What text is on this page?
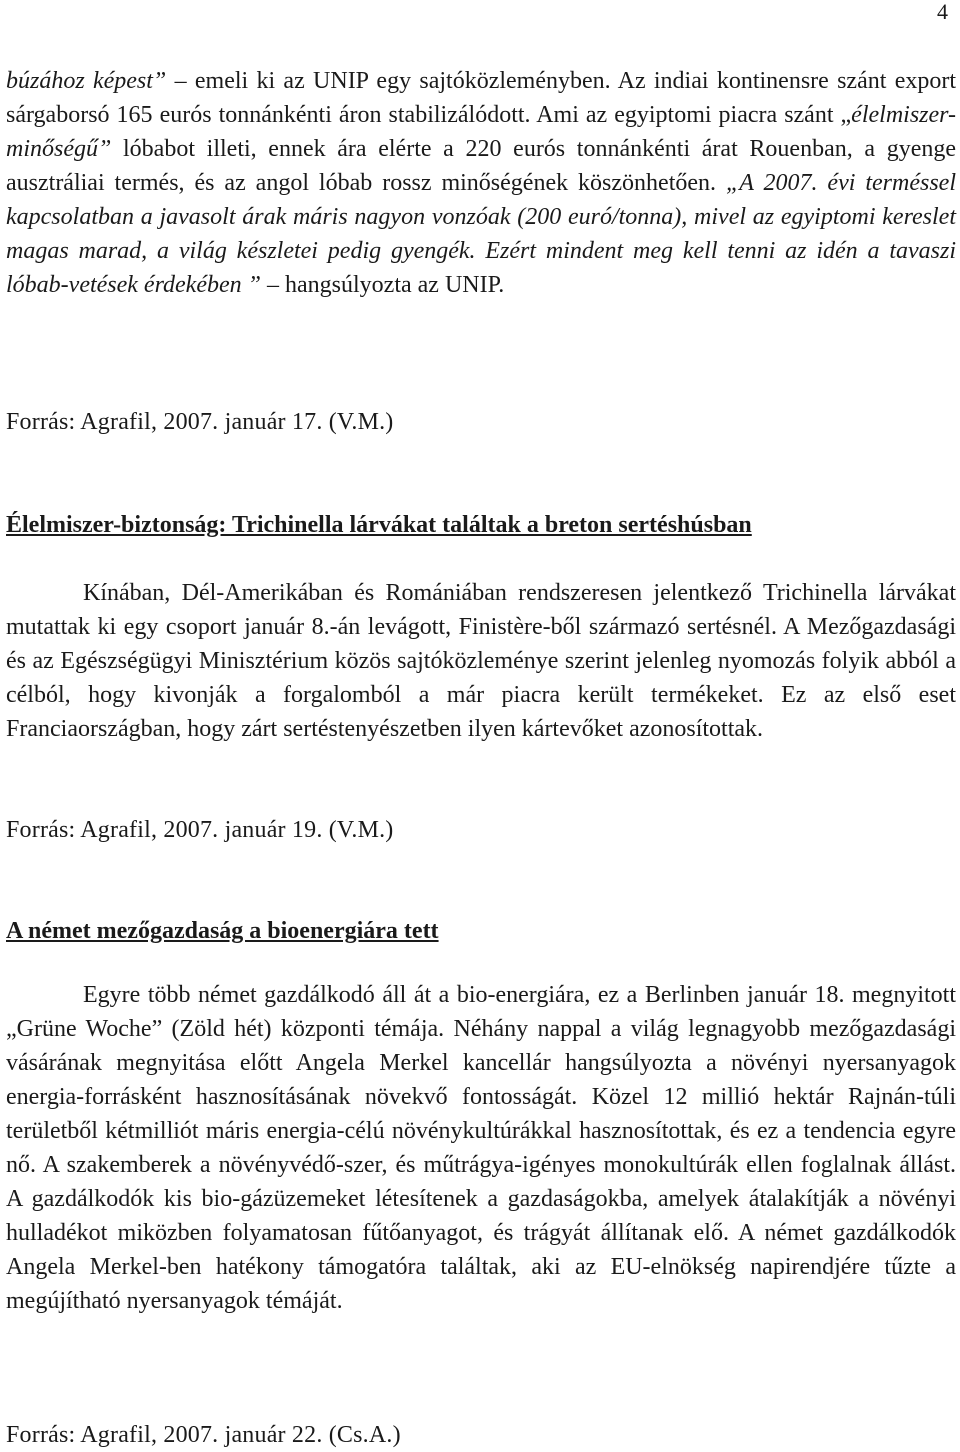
4

búzához képest” – emeli ki az UNIP egy sajtóközleményben. Az indiai kontinensre szánt export sárgaborsó 165 eurós tonnánkénti áron stabilizálódott. Ami az egyiptomi piacra szánt „élelmiszer-minőségű” lóbabot illeti, ennek ára elérte a 220 eurós tonnánkénti árat Rouenban, a gyenge ausztráliai termés, és az angol lóbab rossz minőségének köszönhetően. „A 2007. évi terméssel kapcsolatban a javasolt árak máris nagyon vonzóak (200 euró/tonna), mivel az egyiptomi kereslet magas marad, a világ készletei pedig gyengék. Ezért mindent meg kell tenni az idén a tavaszi lóbab-vetések érdekében ” – hangsúlyozta az UNIP.

Forrás: Agrafil, 2007. január 17. (V.M.)

Élelmiszer-biztonság: Trichinella lárvákat találtak a breton sertéshúsban

Kínában, Dél-Amerikában és Romániában rendszeresen jelentkező Trichinella lárvákat mutattak ki egy csoport január 8.-án levágott, Finistère-ből származó sertésnél. A Mezőgazdasági és az Egészségügyi Minisztérium közös sajtóközleménye szerint jelenleg nyomozás folyik abból a célból, hogy kivonják a forgalomból a már piacra került termékeket. Ez az első eset Franciaországban, hogy zárt sertéstenyészetben ilyen kártevőket azonosítottak.

Forrás: Agrafil, 2007. január 19. (V.M.)

A német mezőgazdaság a bioenergiára tett

Egyre több német gazdálkodó áll át a bio-energiára, ez a Berlinben január 18. megnyitott „Grüne Woche” (Zöld hét) központi témája. Néhány nappal a világ legnagyobb mezőgazdasági vásárának megnyitása előtt Angela Merkel kancellár hangsúlyozta a növényi nyersanyagok energia-forrásként hasznosításának növekvő fontosságát. Közel 12 millió hektár Rajnán-túli területből kétmilliót máris energia-célú növénykultúrákkal hasznosítottak, és ez a tendencia egyre nő. A szakemberek a növényvédő-szer, és műtrágya-igényes monokultúrák ellen foglalnak állást. A gazdálkodók kis bio-gázüzemeket létesítenek a gazdaságokba, amelyek átalakítják a növényi hulladékot miközben folyamatosan fűtőanyagot, és trágyát állítanak elő. A német gazdálkodók Angela Merkel-ben hatékony támogatóra találtak, aki az EU-elnökség napirendjére tűzte a megújítható nyersanyagok témáját.

Forrás: Agrafil, 2007. január 22. (Cs.A.)
